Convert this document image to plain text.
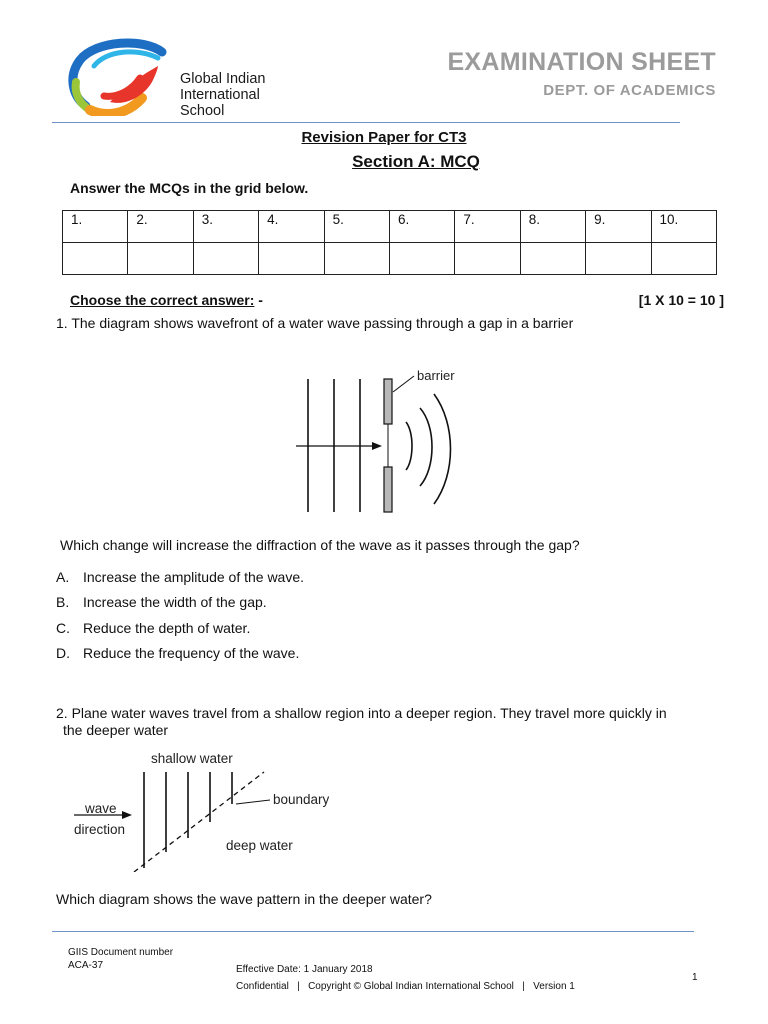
Global Indian
International
School
EXAMINATION SHEET
DEPT. OF ACADEMICS
Revision Paper for CT3
Section A: MCQ
Answer the MCQs in the grid below.
1.	2.	3.	4.	5.	6.	7.	8.	9.	10.

Choose the correct answer: -	[1 X 10 = 10 ]
1. The diagram shows wavefront of a water wave passing through a gap in a barrier
barrier
Which change will increase the diffraction of the wave as it passes through the gap?
A. Increase the amplitude of the wave.
B. Increase the width of the gap.
C. Reduce the depth of water.
D. Reduce the frequency of the wave.
2. Plane water waves travel from a shallow region into a deeper region. They travel more quickly in
the deeper water
shallow water
boundary
wave
direction
deep water
Which diagram shows the wave pattern in the deeper water?
GIIS Document number
ACA-37	Effective Date: 1 January 2018
Confidential   |   Copyright © Global Indian International School   |   Version 1
1
